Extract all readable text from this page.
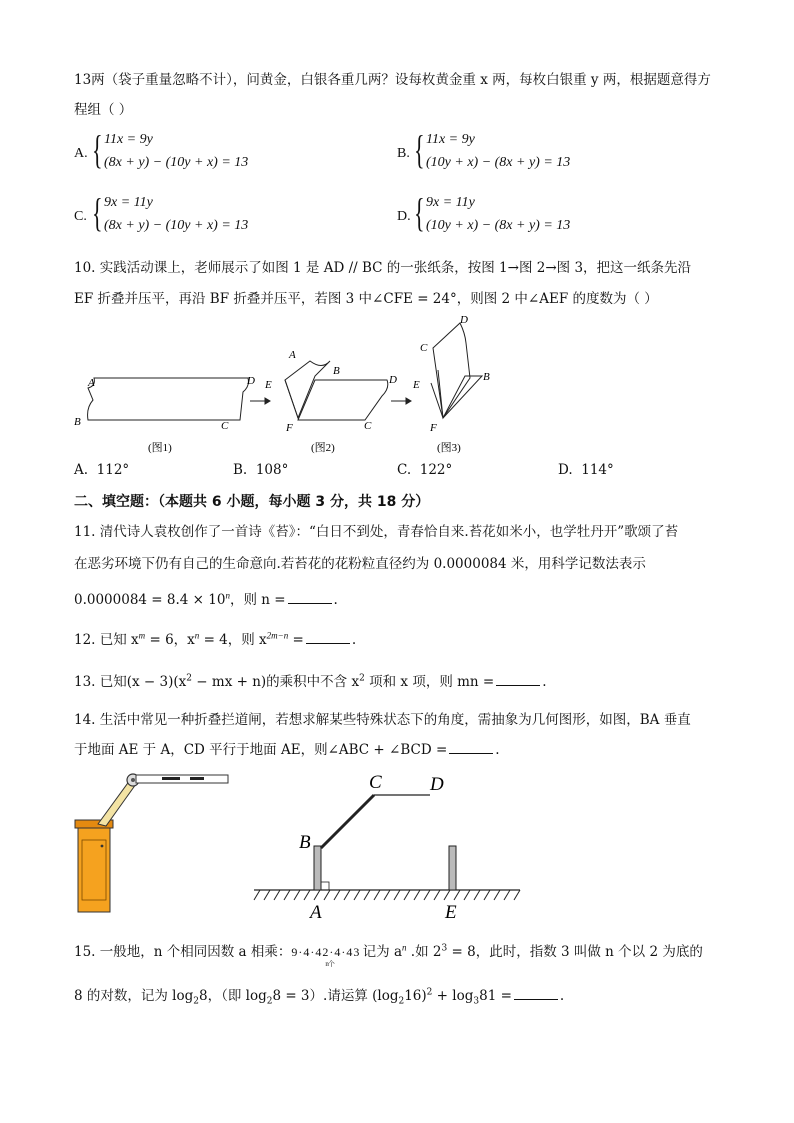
13两（袋子重量忽略不计），问黄金，白银各重几两？设每枚黄金重 x 两，每枚白银重 y 两，根据题意得方
程组（ ）
A. { 11x = 9y
(8x + y) − (10y + x) = 13
B. { 11x = 9y
(10y + x) − (8x + y) = 13
C. { 9x = 11y
(8x + y) − (10y + x) = 13
D. { 9x = 11y
(10y + x) − (8x + y) = 13
10. 实践活动课上，老师展示了如图 1 是 AD // BC 的一张纸条，按图 1→图 2→图 3，把这一纸条先沿
EF 折叠并压平，再沿 BF 折叠并压平，若图 3 中∠CFE = 24°，则图 2 中∠AEF 的度数为（ ）
A
B	C
D
A
B
C
D
E
F
C
D
B
E
F
(图1)	(图2)	(图3)
A. 112°	B. 108°	C. 122°	D. 114°
二、填空题：（本题共 6 小题，每小题 3 分，共 18 分）
11. 清代诗人袁枚创作了一首诗《苔》：“白日不到处，青春恰自来.苔花如米小，也学牡丹开”歌颂了苔
在恶劣环境下仍有自己的生命意向.若苔花的花粉粒直径约为 0.0000084 米，用科学记数法表示
$0.0000084 = 8.4 \times 10^n$，则 n =	.
12. 已知 $x^m = 6$，$x^n = 4$，则 $x^{2m-n}$ =	.
13. 已知$(x - 3)(x^2$ − mx + n)的乘积中不含 $x^2$ 项和 x 项，则 mn =	.
14. 生活中常见一种折叠拦道闸，若想求解某些特殊状态下的角度，需抽象为几何图形，如图，BA 垂直
于地面 AE 于 A，CD 平行于地面 AE，则∠ABC + ∠BCD =	.
B
C	D
A	E
15. 一般地，n 个相同因数 a 相乘：9 · 4 · 4 2 · 4 · 4 3
n个
记为 $a^n$ .如 $2^3 = 8$，此时，指数 3 叫做 n 个以 2 为底的
8 的对数，记为 $\log_28$，（即 $\log_28 = 3$）.请运算 $(\log_216)^2 + \log_381$ =	.
